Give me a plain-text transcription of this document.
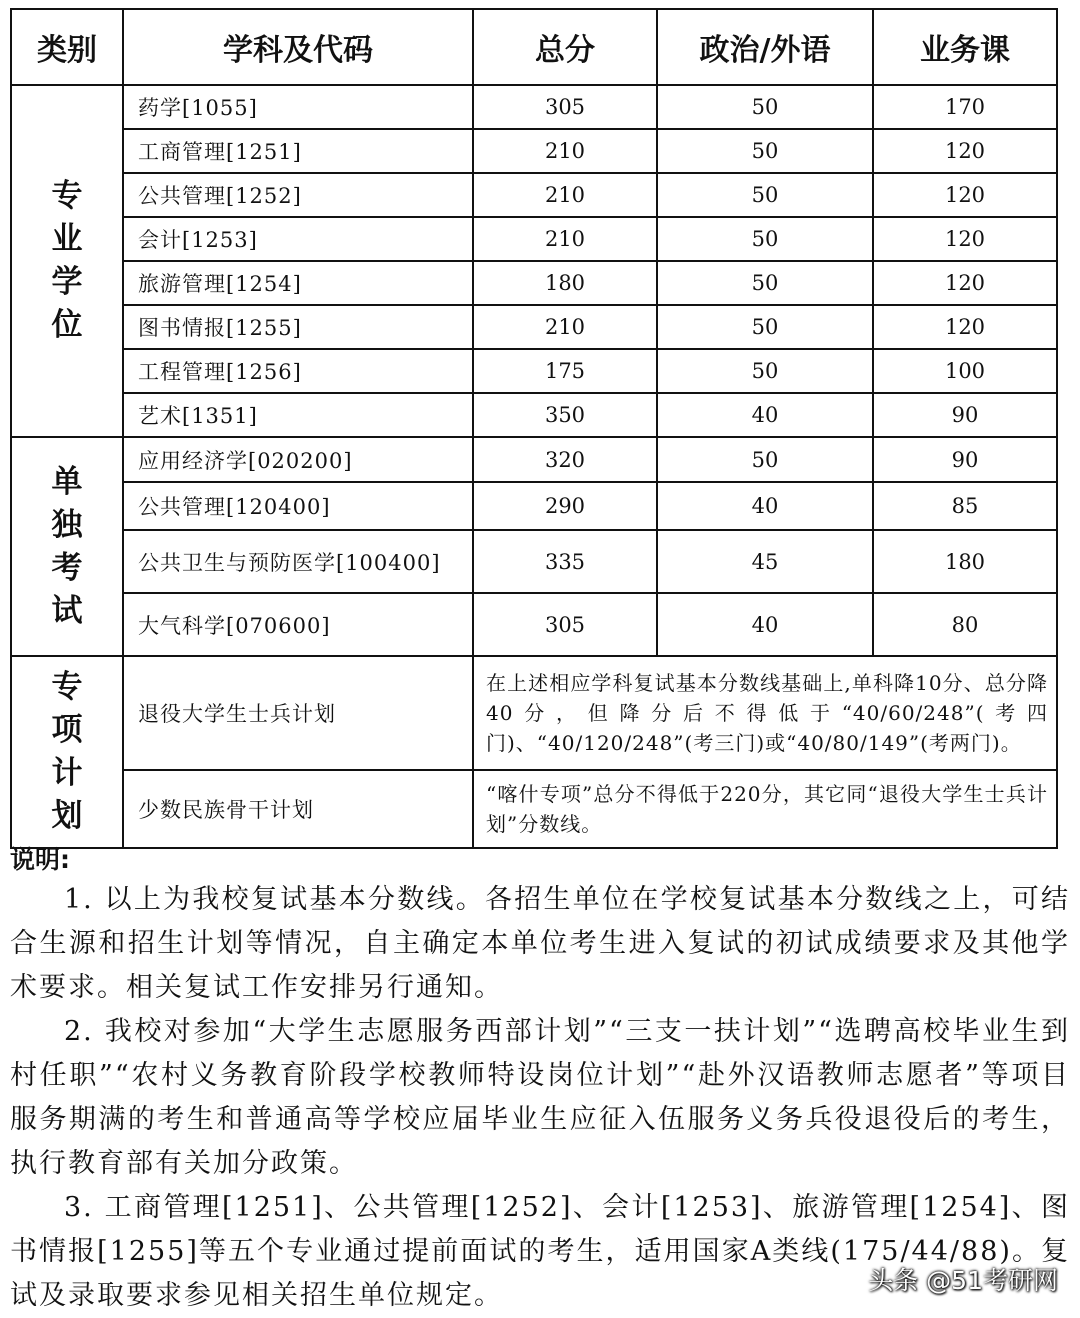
类别	学科及代码	总分	政治/外语	业务课

专业学位	药学[1055]	305	50	170
	工商管理[1251]	210	50	120
	公共管理[1252]	210	50	120
	会计[1253]	210	50	120
	旅游管理[1254]	180	50	120
	图书情报[1255]	210	50	120
	工程管理[1256]	175	50	100
	艺术[1351]	350	40	90

单独考试	应用经济学[020200]	320	50	90
	公共管理[120400]	290	40	85
	公共卫生与预防医学[100400]	335	45	180
	大气科学[070600]	305	40	80

专项计划	退役大学生士兵计划	在上述相应学科复试基本分数线基础上,单科降10分、总分降40分，但降分后不得低于“40/60/248”(考四门)、“40/120/248”(考三门)或“40/80/149”(考两门)。		
	少数民族骨干计划	“喀什专项”总分不得低于220分，其它同“退役大学生士兵计划”分数线。		
说明:

1. 以上为我校复试基本分数线。各招生单位在学校复试基本分数线之上，可结合生源和招生计划等情况，自主确定本单位考生进入复试的初试成绩要求及其他学术要求。相关复试工作安排另行通知。

2. 我校对参加“大学生志愿服务西部计划”“三支一扶计划”“选聘高校毕业生到村任职”“农村义务教育阶段学校教师特设岗位计划”“赴外汉语教师志愿者”等项目服务期满的考生和普通高等学校应届毕业生应征入伍服务义务兵役退役后的考生，执行教育部有关加分政策。

3. 工商管理[1251]、公共管理[1252]、会计[1253]、旅游管理[1254]、图书情报[1255]等五个专业通过提前面试的考生，适用国家A类线(175/44/88)。复试及录取要求参见相关招生单位规定。	头条 @51考研网
